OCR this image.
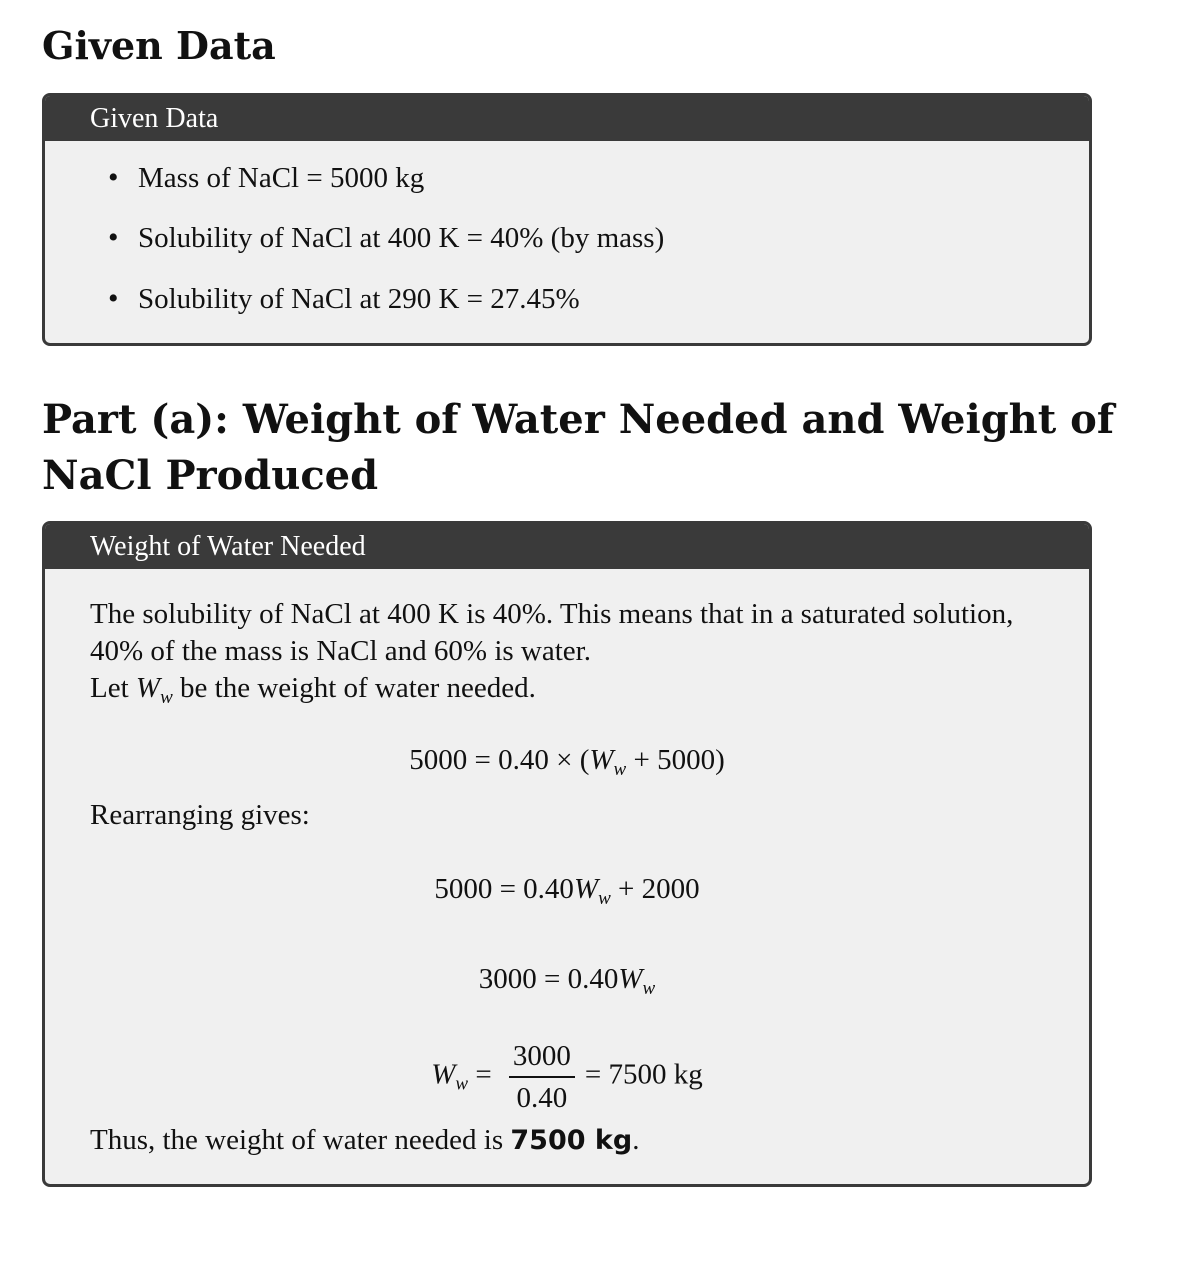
Given Data
Given Data
• Mass of NaCl = 5000 kg
• Solubility of NaCl at 400 K = 40% (by mass)
• Solubility of NaCl at 290 K = 27.45%
Part (a): Weight of Water Needed and Weight of NaCl Produced
Weight of Water Needed

The solubility of NaCl at 400 K is 40%. This means that in a saturated solution, 40% of the mass is NaCl and 60% is water.

Let $W_w$ be the weight of water needed.

$5000 = 0.40 \times (W_w + 5000)$

Rearranging gives:

$5000 = 0.40W_w + 2000$
$3000 = 0.40W_w$
$W_w = \frac{3000}{0.40} = 7500$ kg

Thus, the weight of water needed is 7500 kg.
